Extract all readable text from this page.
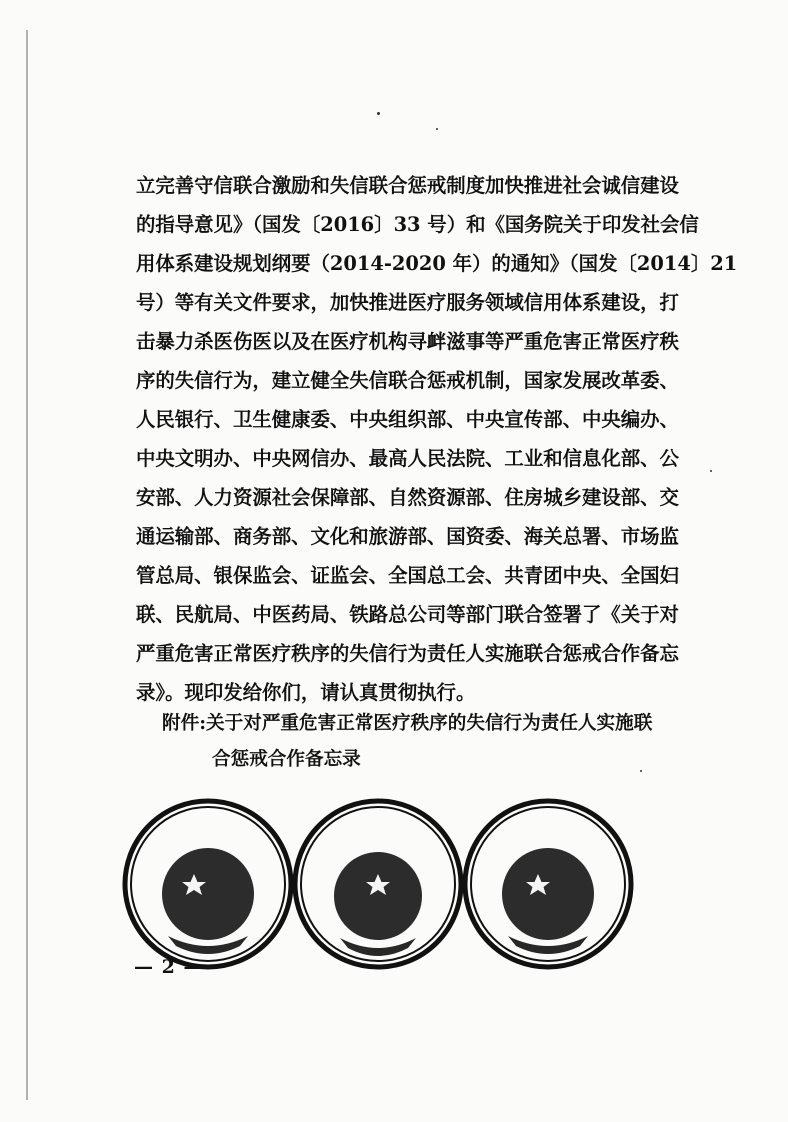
立完善守信联合激励和失信联合惩戒制度加快推进社会诚信建设
的指导意见》（国发〔2016〕33 号）和《国务院关于印发社会信
用体系建设规划纲要（2014-2020 年）的通知》（国发〔2014〕21
号）等有关文件要求，加快推进医疗服务领域信用体系建设，打
击暴力杀医伤医以及在医疗机构寻衅滋事等严重危害正常医疗秩
序的失信行为，建立健全失信联合惩戒机制，国家发展改革委、
人民银行、卫生健康委、中央组织部、中央宣传部、中央编办、
中央文明办、中央网信办、最高人民法院、工业和信息化部、公
安部、人力资源社会保障部、自然资源部、住房城乡建设部、交
通运输部、商务部、文化和旅游部、国资委、海关总署、市场监
管总局、银保监会、证监会、全国总工会、共青团中央、全国妇
联、民航局、中医药局、铁路总公司等部门联合签署了《关于对
严重危害正常医疗秩序的失信行为责任人实施联合惩戒合作备忘
录》。现印发给你们，请认真贯彻执行。
附件:关于对严重危害正常医疗秩序的失信行为责任人实施联
合惩戒合作备忘录
— 2 —
